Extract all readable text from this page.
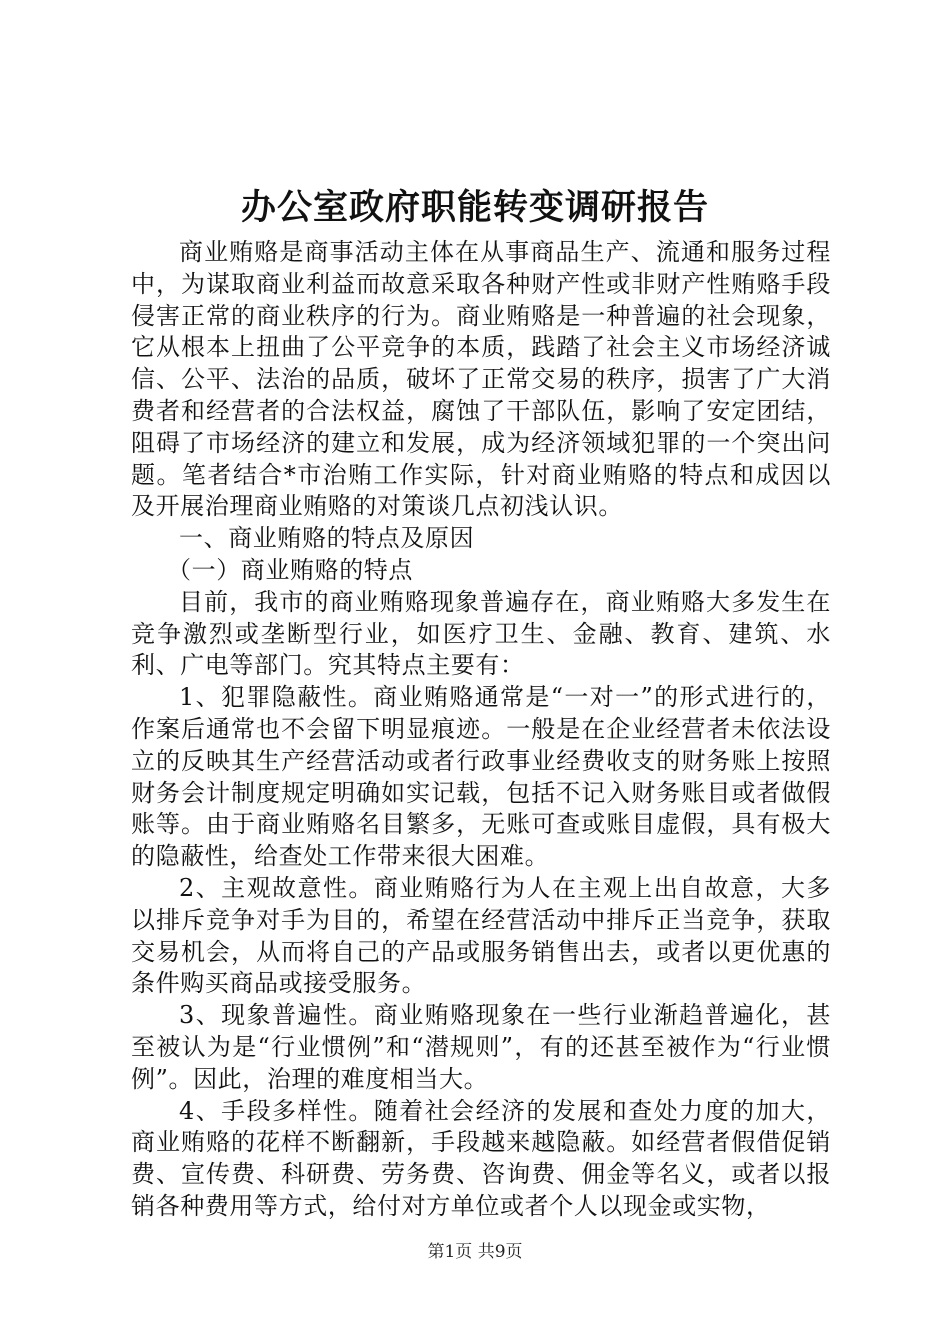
办公室政府职能转变调研报告

商业贿赂是商事活动主体在从事商品生产、流通和服务过程中，为谋取商业利益而故意采取各种财产性或非财产性贿赂手段侵害正常的商业秩序的行为。商业贿赂是一种普遍的社会现象，它从根本上扭曲了公平竞争的本质，践踏了社会主义市场经济诚信、公平、法治的品质，破坏了正常交易的秩序，损害了广大消费者和经营者的合法权益，腐蚀了干部队伍，影响了安定团结，阻碍了市场经济的建立和发展，成为经济领域犯罪的一个突出问题。笔者结合*市治贿工作实际，针对商业贿赂的特点和成因以及开展治理商业贿赂的对策谈几点初浅认识。

一、商业贿赂的特点及原因

（一）商业贿赂的特点

目前，我市的商业贿赂现象普遍存在，商业贿赂大多发生在竞争激烈或垄断型行业，如医疗卫生、金融、教育、建筑、水利、广电等部门。究其特点主要有：

1、犯罪隐蔽性。商业贿赂通常是“一对一”的形式进行的，作案后通常也不会留下明显痕迹。一般是在企业经营者未依法设立的反映其生产经营活动或者行政事业经费收支的财务账上按照财务会计制度规定明确如实记载，包括不记入财务账目或者做假账等。由于商业贿赂名目繁多，无账可查或账目虚假，具有极大的隐蔽性，给查处工作带来很大困难。

2、主观故意性。商业贿赂行为人在主观上出自故意，大多以排斥竞争对手为目的，希望在经营活动中排斥正当竞争，获取交易机会，从而将自己的产品或服务销售出去，或者以更优惠的条件购买商品或接受服务。

3、现象普遍性。商业贿赂现象在一些行业渐趋普遍化，甚至被认为是“行业惯例”和“潜规则”，有的还甚至被作为“行业惯例”。因此，治理的难度相当大。

4、手段多样性。随着社会经济的发展和查处力度的加大，商业贿赂的花样不断翻新，手段越来越隐蔽。如经营者假借促销费、宣传费、科研费、劳务费、咨询费、佣金等名义，或者以报销各种费用等方式，给付对方单位或者个人以现金或实物，

第1页 共9页
